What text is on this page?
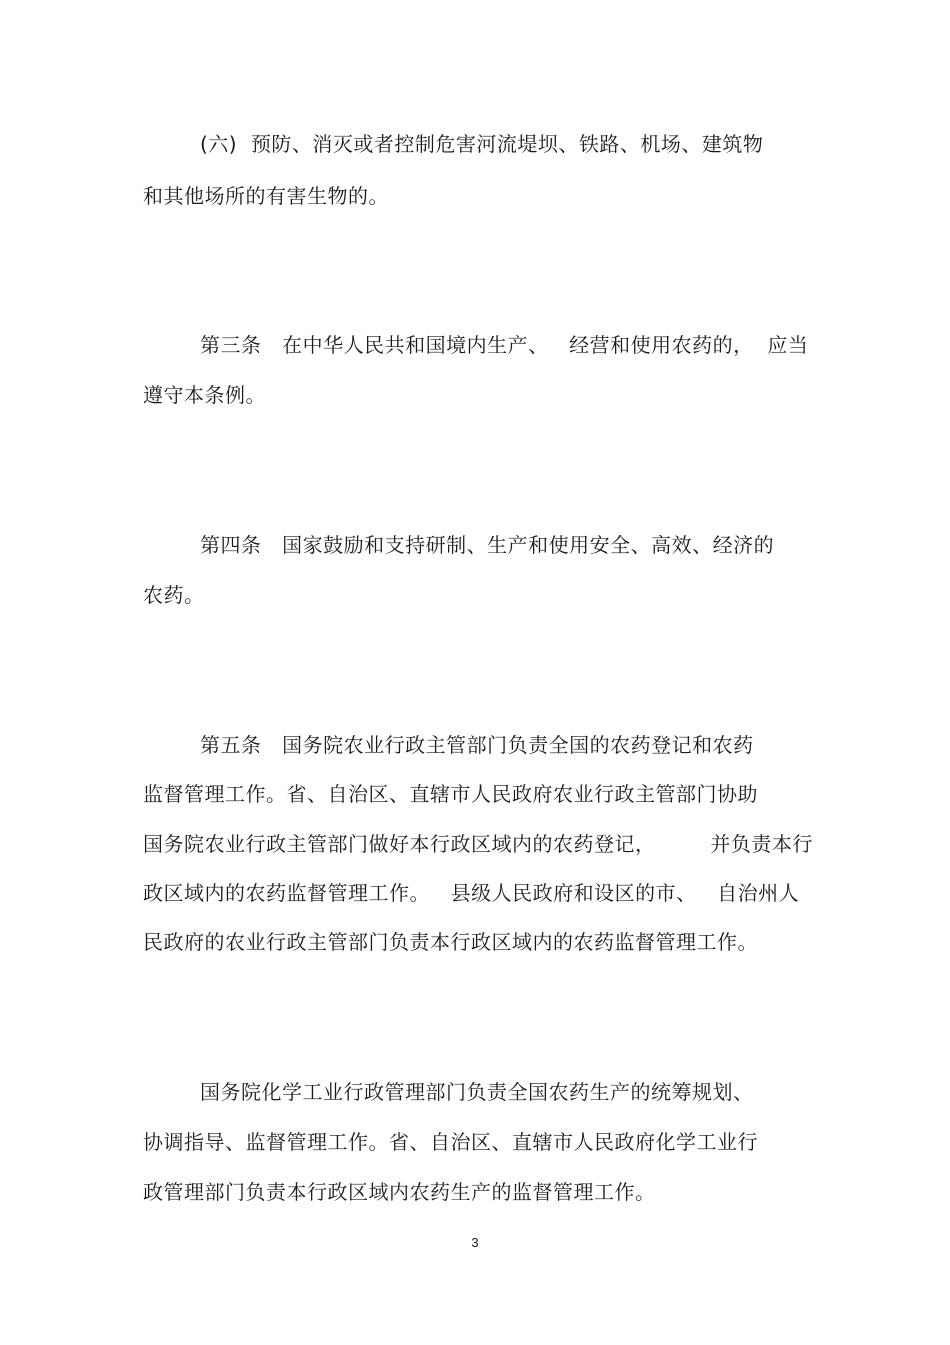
(六)  预防、消灭或者控制危害河流堤坝、铁路、机场、建筑物
和其他场所的有害生物的。
第三条   在中华人民共和国境内生产、   经营和使用农药的，  应当
遵守本条例。
第四条   国家鼓励和支持研制、生产和使用安全、高效、经济的
农药。
第五条   国务院农业行政主管部门负责全国的农药登记和农药
监督管理工作。省、自治区、直辖市人民政府农业行政主管部门协助
国务院农业行政主管部门做好本行政区域内的农药登记，        并负责本行
政区域内的农药监督管理工作。   县级人民政府和设区的市、   自治州人
民政府的农业行政主管部门负责本行政区域内的农药监督管理工作。
国务院化学工业行政管理部门负责全国农药生产的统筹规划、
协调指导、监督管理工作。省、自治区、直辖市人民政府化学工业行
政管理部门负责本行政区域内农药生产的监督管理工作。
3
